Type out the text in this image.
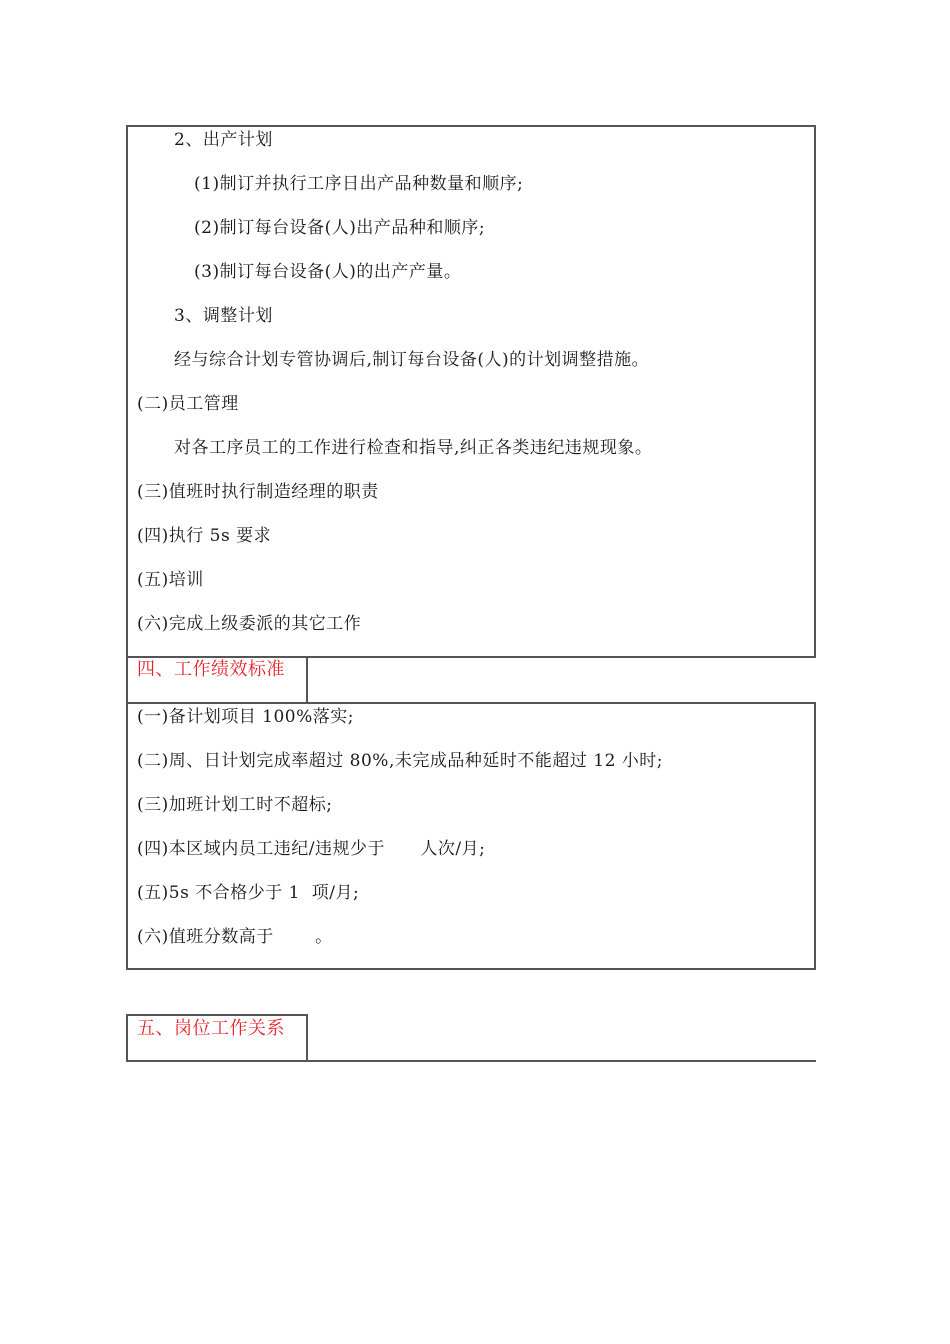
2、出产计划
(1)制订并执行工序日出产品种数量和顺序;
(2)制订每台设备(人)出产品种和顺序;
(3)制订每台设备(人)的出产产量。
3、调整计划
经与综合计划专管协调后,制订每台设备(人)的计划调整措施。
(二)员工管理
对各工序员工的工作进行检查和指导,纠正各类违纪违规现象。
(三)值班时执行制造经理的职责
(四)执行 5s 要求
(五)培训
(六)完成上级委派的其它工作
四、工作绩效标准
(一)备计划项目 100%落实;
(二)周、日计划完成率超过 80%,未完成品种延时不能超过 12 小时;
(三)加班计划工时不超标;
(四)本区域内员工违纪/违规少于      人次/月;
(五)5s 不合格少于 1  项/月;
(六)值班分数高于       。
五、岗位工作关系
